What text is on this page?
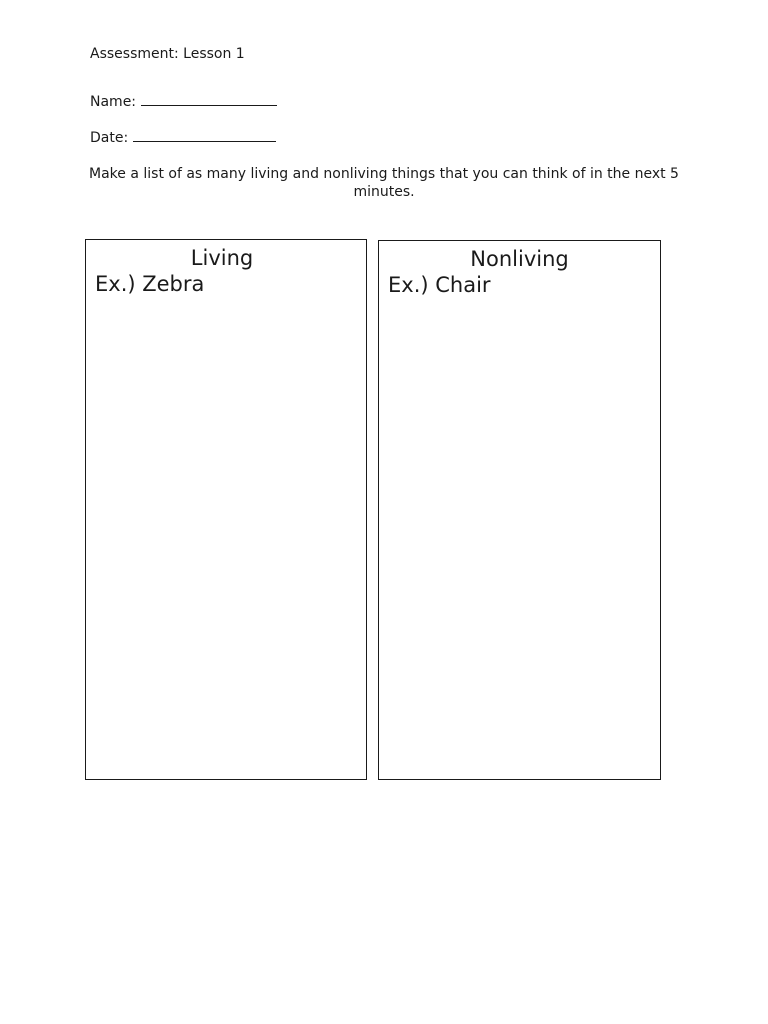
Assessment: Lesson 1
Name:
Date:
Make a list of as many living and nonliving things that you can think of in the next 5 minutes.
Living
Ex.) Zebra
Nonliving
Ex.) Chair
